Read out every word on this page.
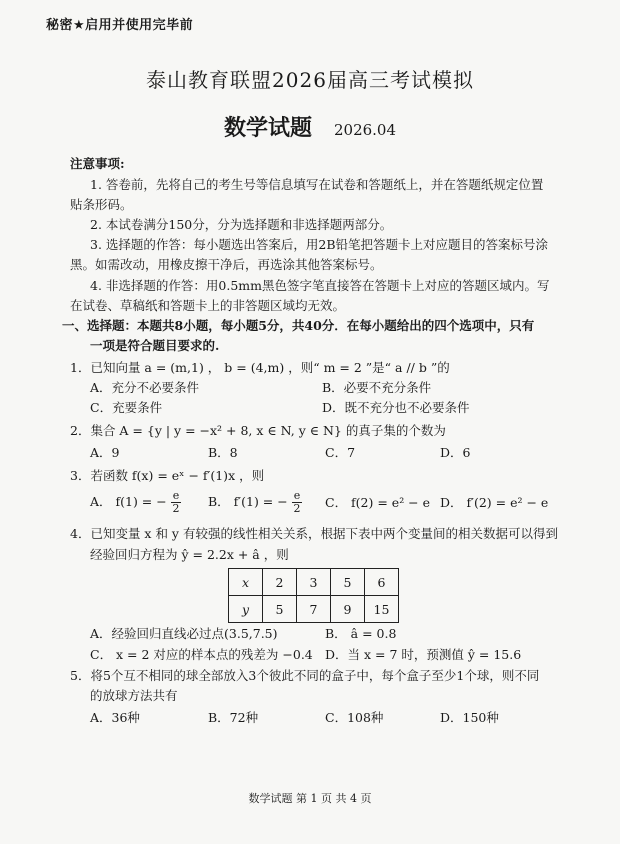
秘密★启用并使用完毕前
泰山教育联盟2026届高三考试模拟
数学试题 2026.04
注意事项:
1. 答卷前，先将自己的考生号等信息填写在试卷和答题纸上，并在答题纸规定位置
贴条形码。
2. 本试卷满分150分，分为选择题和非选择题两部分。
3. 选择题的作答：每小题选出答案后，用2B铅笔把答题卡上对应题目的答案标号涂
黑。如需改动，用橡皮擦干净后，再选涂其他答案标号。
4. 非选择题的作答：用0.5mm黑色签字笔直接答在答题卡上对应的答题区域内。写
在试卷、草稿纸和答题卡上的非答题区域均无效。
一、选择题：本题共8小题，每小题5分，共40分．在每小题给出的四个选项中，只有
一项是符合题目要求的.
1．已知向量 a = (m,1) ， b = (4,m) ，则“ m = 2 ”是“ a // b ”的
A．充分不必要条件	B．必要不充分条件
C．充要条件	D．既不充分也不必要条件
2．集合 A = {y | y = −x² + 8, x ∈ N, y ∈ N} 的真子集的个数为
A．9	B．8	C．7	D．6
3．若函数 f(x) = eˣ − f′(1)x ，则
A． f(1) = − $\frac{e}{2}$ B． f′(1) = − $\frac{e}{2}$ C． f(2) = e² − e D． f′(2) = e² − e
4．已知变量 x 和 y 有较强的线性相关关系，根据下表中两个变量间的相关数据可以得到
经验回归方程为 ŷ = 2.2x + â ，则
x	2	3	5	6
y	5	7	9	15
A．经验回归直线必过点(3.5,7.5)	B． â = 0.8
C． x = 2 对应的样本点的残差为 −0.4 D．当 x = 7 时，预测值 ŷ = 15.6
5．将5个互不相同的球全部放入3个彼此不同的盒子中，每个盒子至少1个球，则不同
的放球方法共有
A．36种	B．72种	C．108种	D．150种
数学试题 第 1 页 共 4 页
